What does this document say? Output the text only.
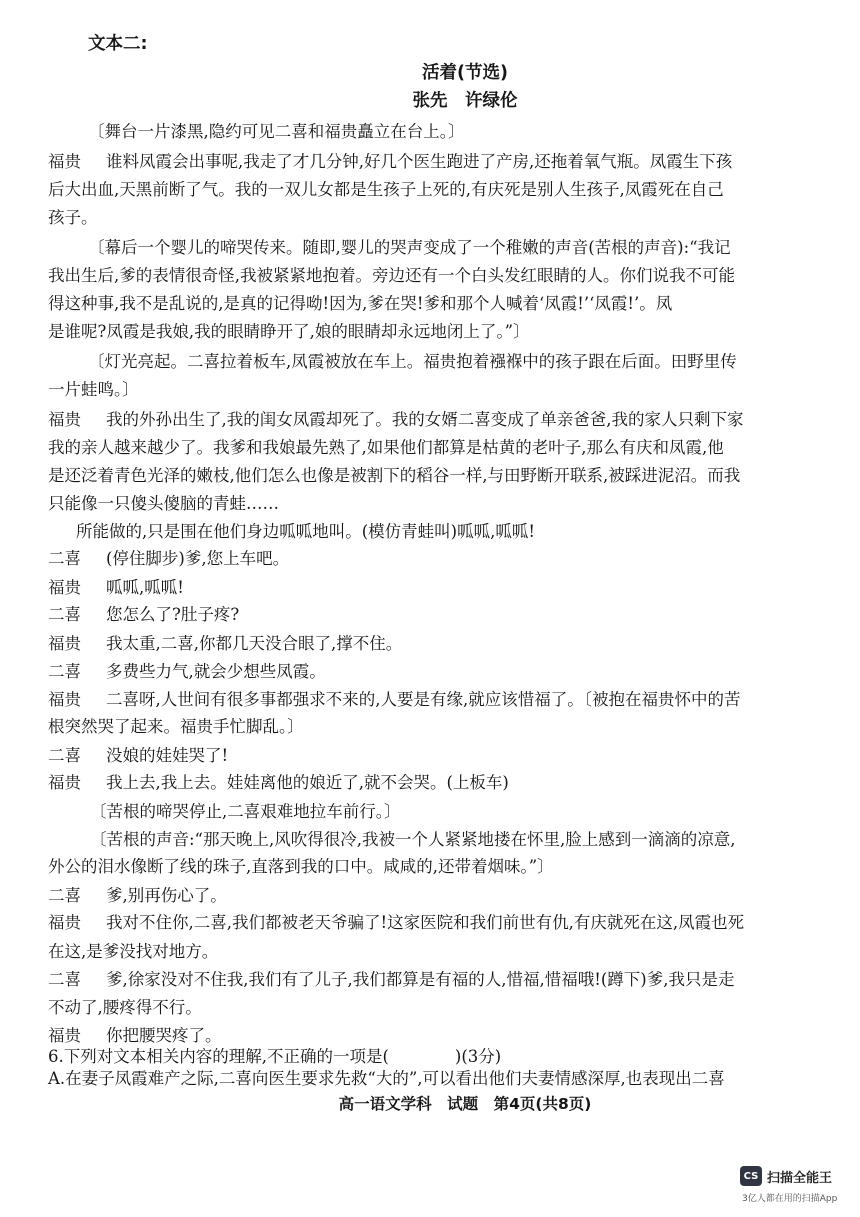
文本二:
活着(节选)
张先　许绿伦
〔舞台一片漆黑,隐约可见二喜和福贵矗立在台上。〕
福贵 谁料凤霞会出事呢,我走了才几分钟,好几个医生跑进了产房,还拖着氧气瓶。凤霞生下孩
后大出血,天黑前断了气。我的一双儿女都是生孩子上死的,有庆死是别人生孩子,凤霞死在自己
孩子。
〔幕后一个婴儿的啼哭传来。随即,婴儿的哭声变成了一个稚嫩的声音(苦根的声音):“我记
我出生后,爹的表情很奇怪,我被紧紧地抱着。旁边还有一个白头发红眼睛的人。你们说我不可能
得这种事,我不是乱说的,是真的记得呦!因为,爹在哭!爹和那个人喊着‘凤霞!’‘凤霞!’。凤
是谁呢?凤霞是我娘,我的眼睛睁开了,娘的眼睛却永远地闭上了。”〕
〔灯光亮起。二喜拉着板车,凤霞被放在车上。福贵抱着襁褓中的孩子跟在后面。田野里传
一片蛙鸣。〕
福贵 我的外孙出生了,我的闺女凤霞却死了。我的女婿二喜变成了单亲爸爸,我的家人只剩下家
我的亲人越来越少了。我爹和我娘最先熟了,如果他们都算是枯黄的老叶子,那么有庆和凤霞,他
是还泛着青色光泽的嫩枝,他们怎么也像是被割下的稻谷一样,与田野断开联系,被踩进泥沼。而我
只能像一只傻头傻脑的青蛙……
所能做的,只是围在他们身边呱呱地叫。(模仿青蛙叫)呱呱,呱呱!
二喜 (停住脚步)爹,您上车吧。
福贵 呱呱,呱呱!
二喜 您怎么了?肚子疼?
福贵 我太重,二喜,你都几天没合眼了,撑不住。
二喜 多费些力气,就会少想些凤霞。
福贵 二喜呀,人世间有很多事都强求不来的,人要是有缘,就应该惜福了。〔被抱在福贵怀中的苦
根突然哭了起来。福贵手忙脚乱。〕
二喜 没娘的娃娃哭了!
福贵 我上去,我上去。娃娃离他的娘近了,就不会哭。(上板车)
〔苦根的啼哭停止,二喜艰难地拉车前行。〕
〔苦根的声音:“那天晚上,风吹得很冷,我被一个人紧紧地搂在怀里,脸上感到一滴滴的凉意,
外公的泪水像断了线的珠子,直落到我的口中。咸咸的,还带着烟味。”〕
二喜 爹,别再伤心了。
福贵 我对不住你,二喜,我们都被老天爷骗了!这家医院和我们前世有仇,有庆就死在这,凤霞也死
在这,是爹没找对地方。
二喜 爹,徐家没对不住我,我们有了儿子,我们都算是有福的人,惜福,惜福哦!(蹲下)爹,我只是走
不动了,腰疼得不行。
福贵 你把腰哭疼了。
6.下列对文本相关内容的理解,不正确的一项是(　　　　)(3分)
A.在妻子凤霞难产之际,二喜向医生要求先救“大的”,可以看出他们夫妻情感深厚,也表现出二喜
高一语文学科　试题　第4页(共8页)
CS 扫描全能王
3亿人都在用的扫描App
